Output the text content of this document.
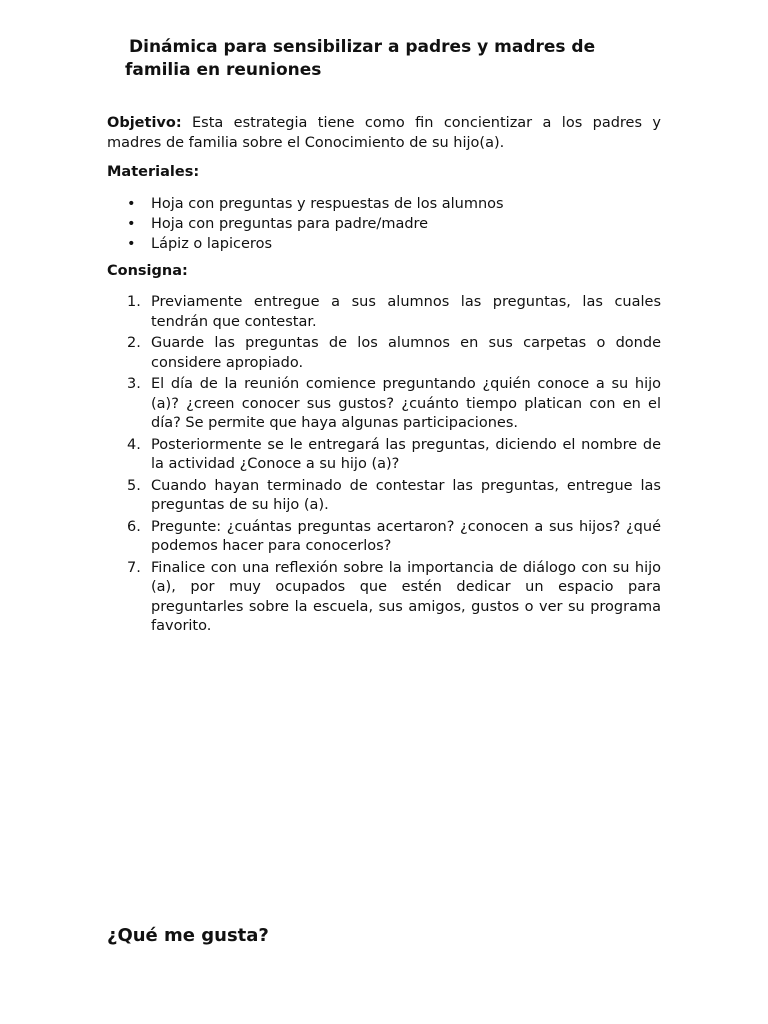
Dinámica para sensibilizar a padres y madres de familia en reuniones

Objetivo: Esta estrategia tiene como fin concientizar a los padres y madres de familia sobre el Conocimiento de su hijo(a).

Materiales:
• Hoja con preguntas y respuestas de los alumnos
• Hoja con preguntas para padre/madre
• Lápiz o lapiceros
Consigna:
1. Previamente entregue a sus alumnos las preguntas, las cuales tendrán que contestar.
2. Guarde las preguntas de los alumnos en sus carpetas o donde considere apropiado.
3. El día de la reunión comience preguntando ¿quién conoce a su hijo (a)? ¿creen conocer sus gustos? ¿cuánto tiempo platican con en el día? Se permite que haya algunas participaciones.
4. Posteriormente se le entregará las preguntas, diciendo el nombre de la actividad ¿Conoce a su hijo (a)?
5. Cuando hayan terminado de contestar las preguntas, entregue las preguntas de su hijo (a).
6. Pregunte: ¿cuántas preguntas acertaron? ¿conocen a sus hijos? ¿qué podemos hacer para conocerlos?
7. Finalice con una reflexión sobre la importancia de diálogo con su hijo (a), por muy ocupados que estén dedicar un espacio para preguntarles sobre la escuela, sus amigos, gustos o ver su programa favorito.
¿Qué me gusta?
